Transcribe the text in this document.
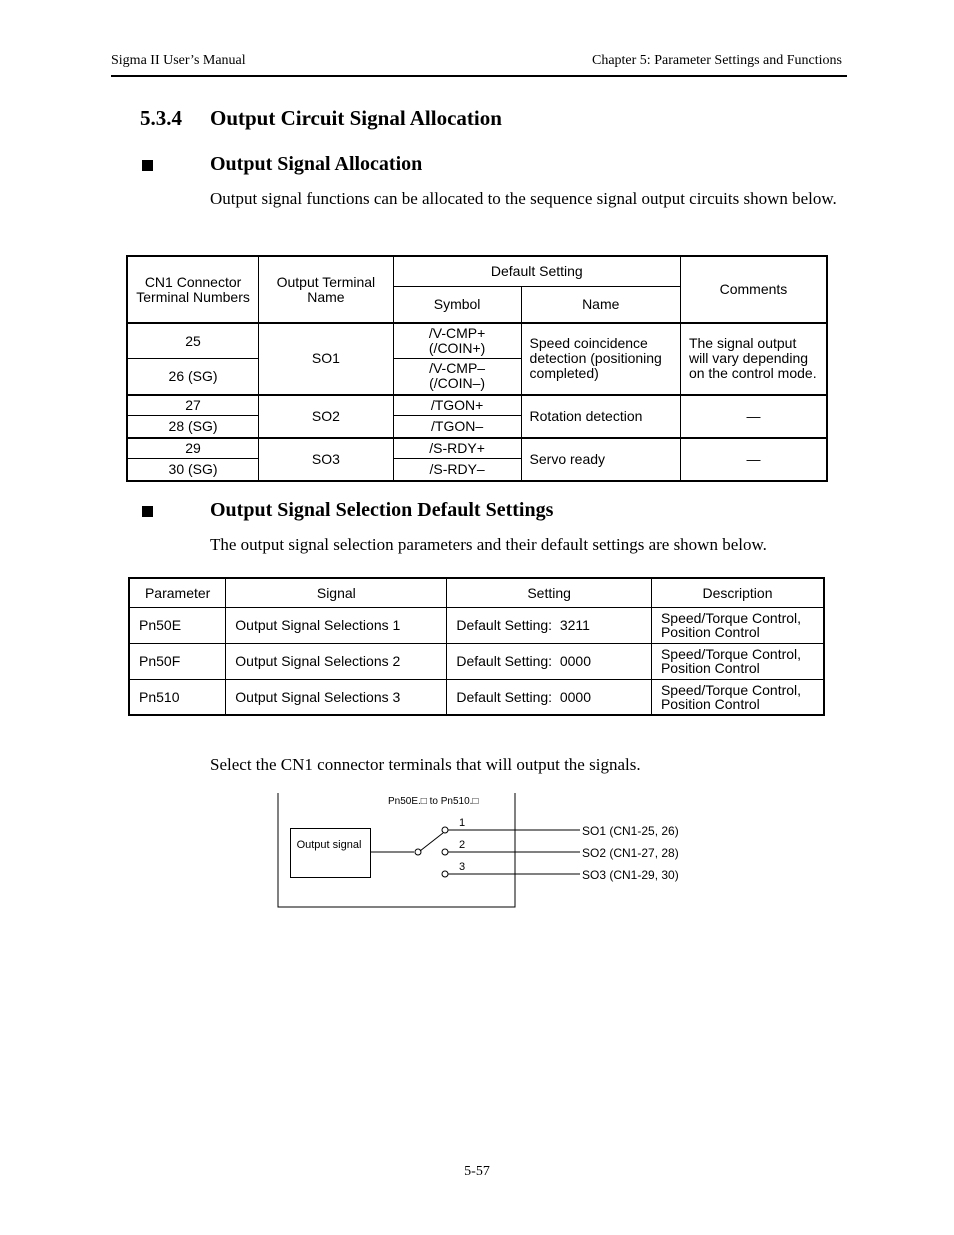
Sigma II User’s Manual	Chapter 5: Parameter Settings and Functions
5.3.4 Output Circuit Signal Allocation
Output Signal Allocation
Output signal functions can be allocated to the sequence signal output circuits shown below.
CN1 Connector Terminal Numbers	Output Terminal Name	Default Setting		Comments
		Symbol	Name	
25	SO1	/V-CMP+ (/COIN+)	Speed coincidence detection (positioning completed)	The signal output will vary depending on the control mode.
26 (SG)		/V-CMP– (/COIN–)		
27	SO2	/TGON+	Rotation detection	—
28 (SG)		/TGON–		
29	SO3	/S-RDY+	Servo ready	—
30 (SG)		/S-RDY–		
Output Signal Selection Default Settings
The output signal selection parameters and their default settings are shown below.
Parameter	Signal	Setting	Description
Pn50E	Output Signal Selections 1	Default Setting:  3211	Speed/Torque Control, Position Control
Pn50F	Output Signal Selections 2	Default Setting:  0000	Speed/Torque Control, Position Control
Pn510	Output Signal Selections 3	Default Setting:  0000	Speed/Torque Control, Position Control
Select the CN1 connector terminals that will output the signals.
Pn50E.□ to Pn510.□
Output signal
1
2
3
SO1 (CN1-25, 26)
SO2 (CN1-27, 28)
SO3 (CN1-29, 30)
5-57
